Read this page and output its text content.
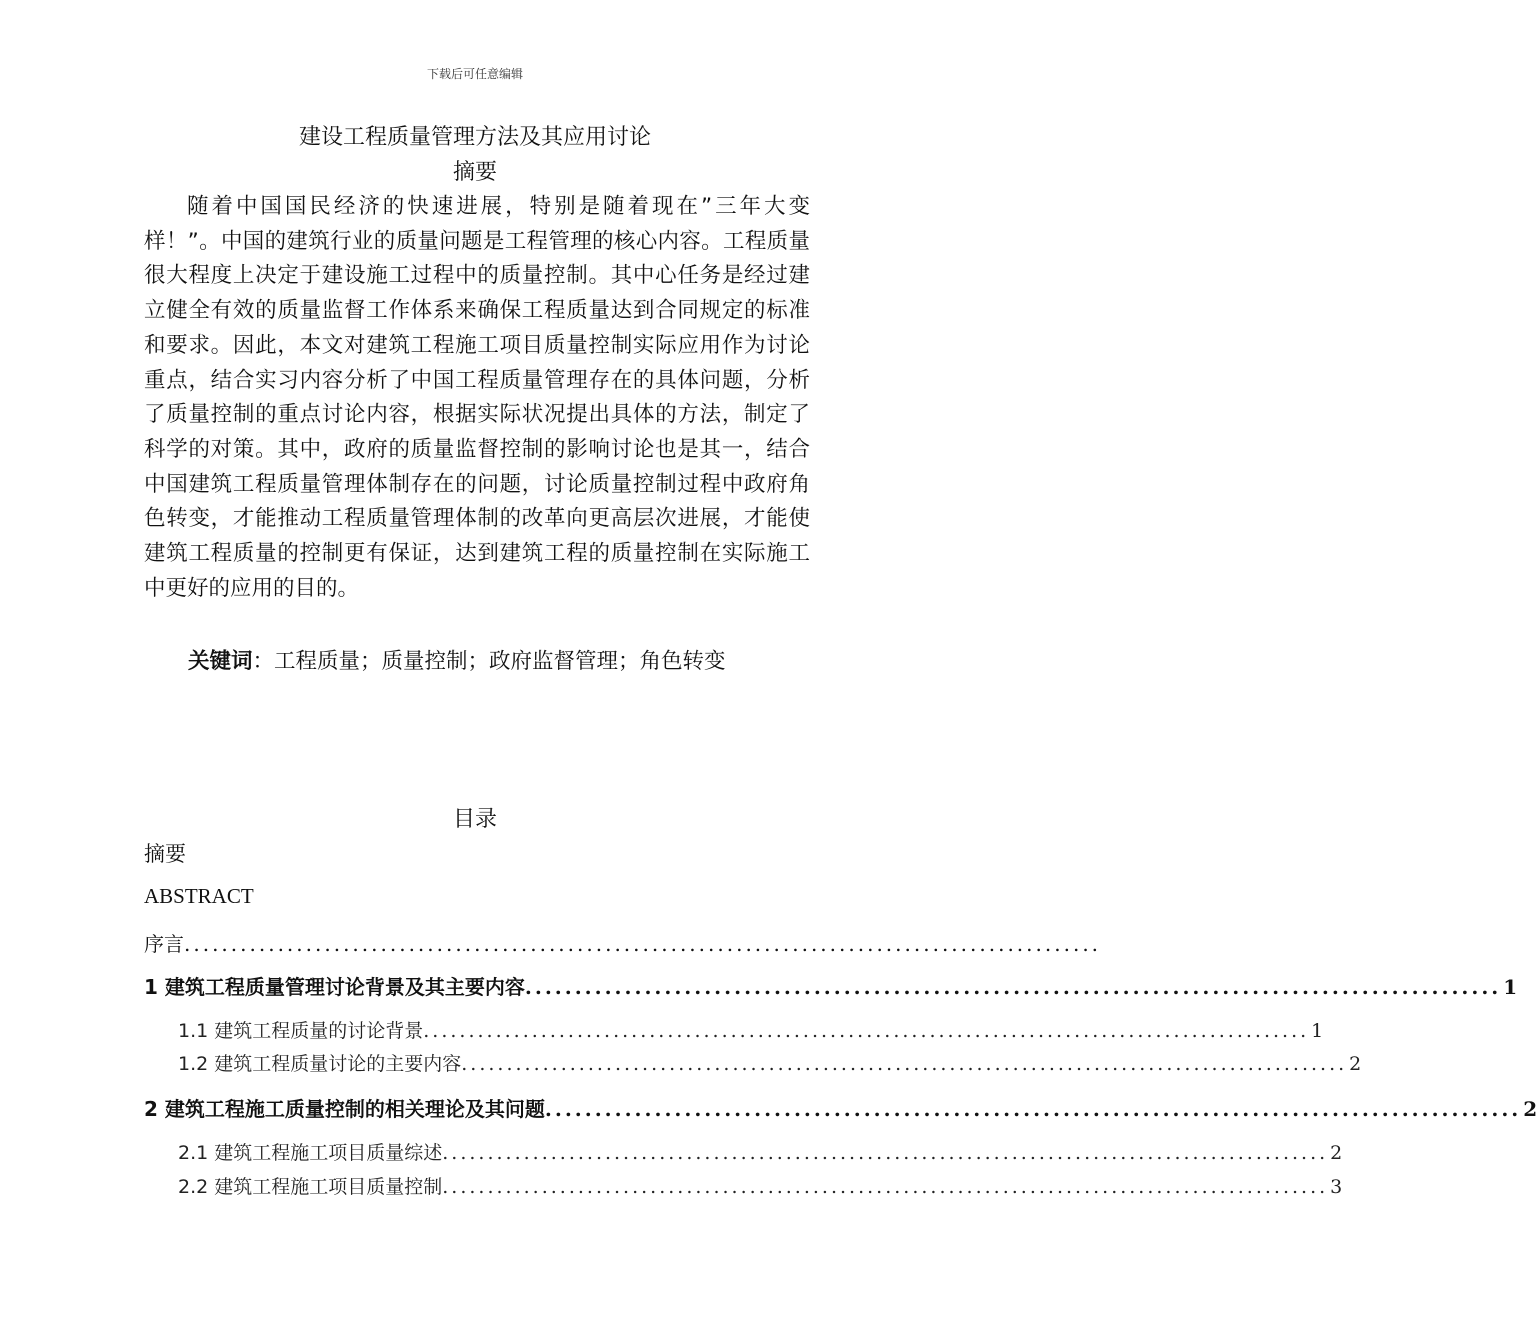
下载后可任意编辑
建设工程质量管理方法及其应用讨论
摘要

随着中国国民经济的快速进展，特别是随着现在”三年大变样！”。中国的建筑行业的质量问题是工程管理的核心内容。工程质量很大程度上决定于建设施工过程中的质量控制。其中心任务是经过建立健全有效的质量监督工作体系来确保工程质量达到合同规定的标准和要求。因此，本文对建筑工程施工项目质量控制实际应用作为讨论重点，结合实习内容分析了中国工程质量管理存在的具体问题，分析了质量控制的重点讨论内容，根据实际状况提出具体的方法，制定了科学的对策。其中，政府的质量监督控制的影响讨论也是其一，结合中国建筑工程质量管理体制存在的问题，讨论质量控制过程中政府角色转变，才能推动工程质量管理体制的改革向更高层次进展，才能使建筑工程质量的控制更有保证，达到建筑工程的质量控制在实际施工中更好的应用的目的。

关键词：工程质量；质量控制；政府监督管理；角色转变
目录
摘要
ABSTRACT
序言 ..................................................................................................
1 建筑工程质量管理讨论背景及其主要内容 .................................................................................................. 1
1.1 建筑工程质量的讨论背景 .................................................................................................. 1
1.2 建筑工程质量讨论的主要内容 .................................................................................................. 2
2 建筑工程施工质量控制的相关理论及其问题 .................................................................................................. 2
2.1 建筑工程施工项目质量综述 .................................................................................................. 2
2.2 建筑工程施工项目质量控制 .................................................................................................. 3
